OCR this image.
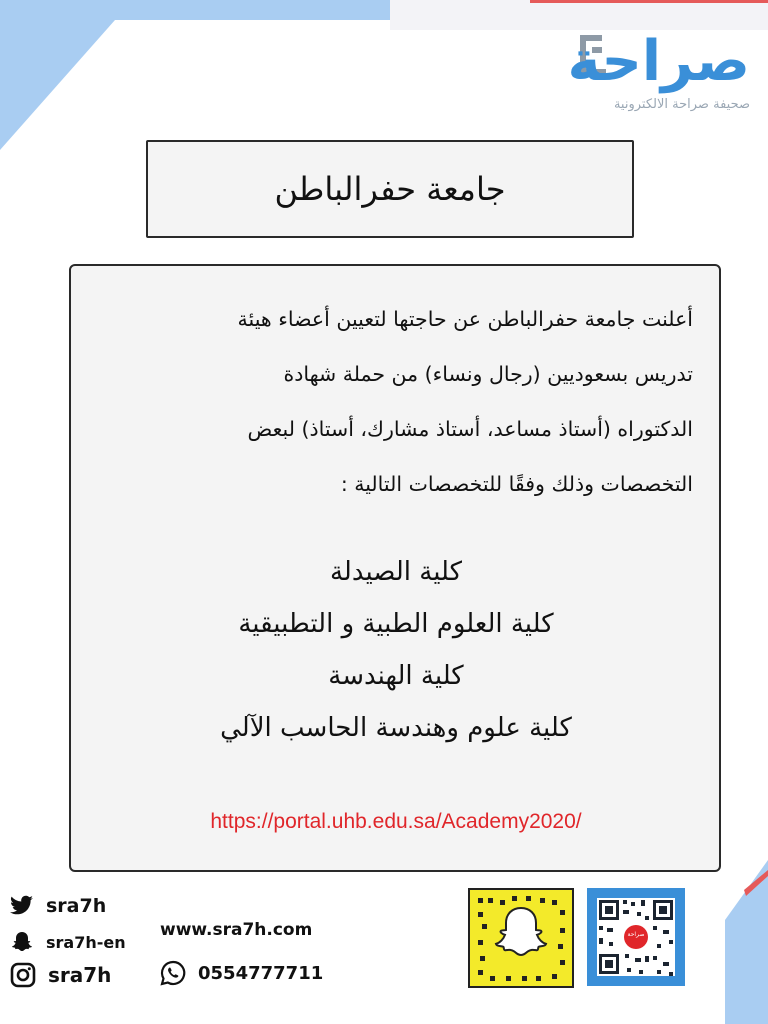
صراحة
صحيفة صراحة الالكترونية
جامعة حفرالباطن
أعلنت جامعة حفرالباطن عن حاجتها لتعيين أعضاء هيئة
تدريس بسعوديين (رجال ونساء) من حملة شهادة
الدكتوراه (أستاذ مساعد، أستاذ مشارك، أستاذ) لبعض
التخصصات وذلك وفقًا للتخصصات التالية :
كلية الصيدلة
كلية العلوم الطبية و التطبيقية
كلية الهندسة
كلية علوم وهندسة الحاسب الآلي
https://portal.uhb.edu.sa/Academy2020/
sra7h
sra7h-en
sra7h
www.sra7h.com
0554777711
صراحة
